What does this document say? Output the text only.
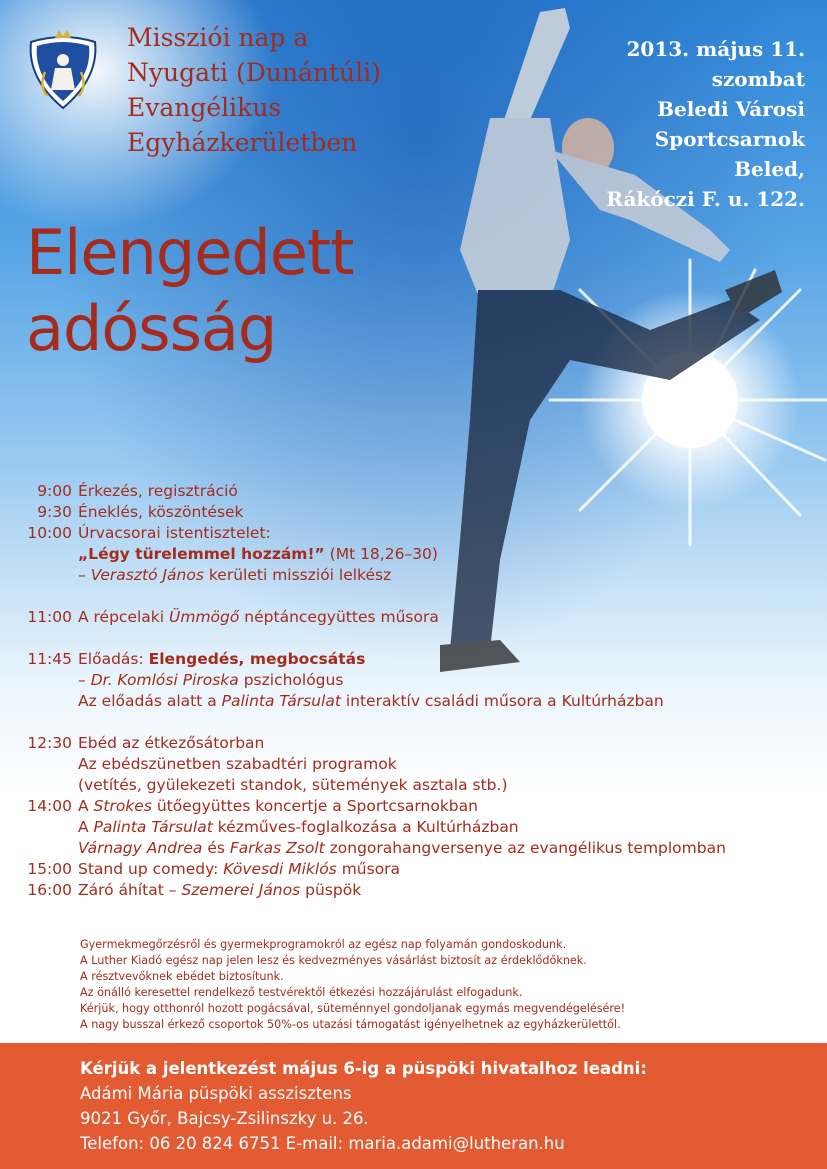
Missziói nap a
Nyugati (Dunántúli)
Evangélikus
Egyházkerületben
2013. május 11.
szombat
Beledi Városi
Sportcsarnok
Beled,
Rákóczi F. u. 122.
Elengedett
adósság
9:00 Érkezés, regisztráció
9:30 Éneklés, köszöntések
10:00 Úrvacsorai istentisztelet:
„Légy türelemmel hozzám!” (Mt 18,26–30)
– Verasztó János kerületi missziói lelkész
11:00 A répcelaki Ümmögő néptáncegyüttes műsora
11:45 Előadás: Elengedés, megbocsátás
– Dr. Komlósi Piroska pszichológus
Az előadás alatt a Palinta Társulat interaktív családi műsora a Kultúrházban
12:30 Ebéd az étkezősátorban
Az ebédszünetben szabadtéri programok
(vetítés, gyülekezeti standok, sütemények asztala stb.)
14:00 A Strokes ütőegyüttes koncertje a Sportcsarnokban
A Palinta Társulat kézműves-foglalkozása a Kultúrházban
Várnagy Andrea és Farkas Zsolt zongorahangversenye az evangélikus templomban
15:00 Stand up comedy: Kövesdi Miklós műsora
16:00 Záró áhítat – Szemerei János püspök
Gyermekmegőrzésről és gyermekprogramokról az egész nap folyamán gondoskodunk.
A Luther Kiadó egész nap jelen lesz és kedvezményes vásárlást biztosít az érdeklődőknek.
A résztvevőknek ebédet biztosítunk.
Az önálló keresettel rendelkező testvérektől étkezési hozzájárulást elfogadunk.
Kérjük, hogy otthonról hozott pogácsával, süteménnyel gondoljanak egymás megvendégelésére!
A nagy busszal érkező csoportok 50%-os utazási támogatást igényelhetnek az egyházkerülettől.
Kérjük a jelentkezést május 6-ig a püspöki hivatalhoz leadni:
Adámi Mária püspöki asszisztens
9021 Győr, Bajcsy-Zsilinszky u. 26.
Telefon: 06 20 824 6751 E-mail: maria.adami@lutheran.hu
